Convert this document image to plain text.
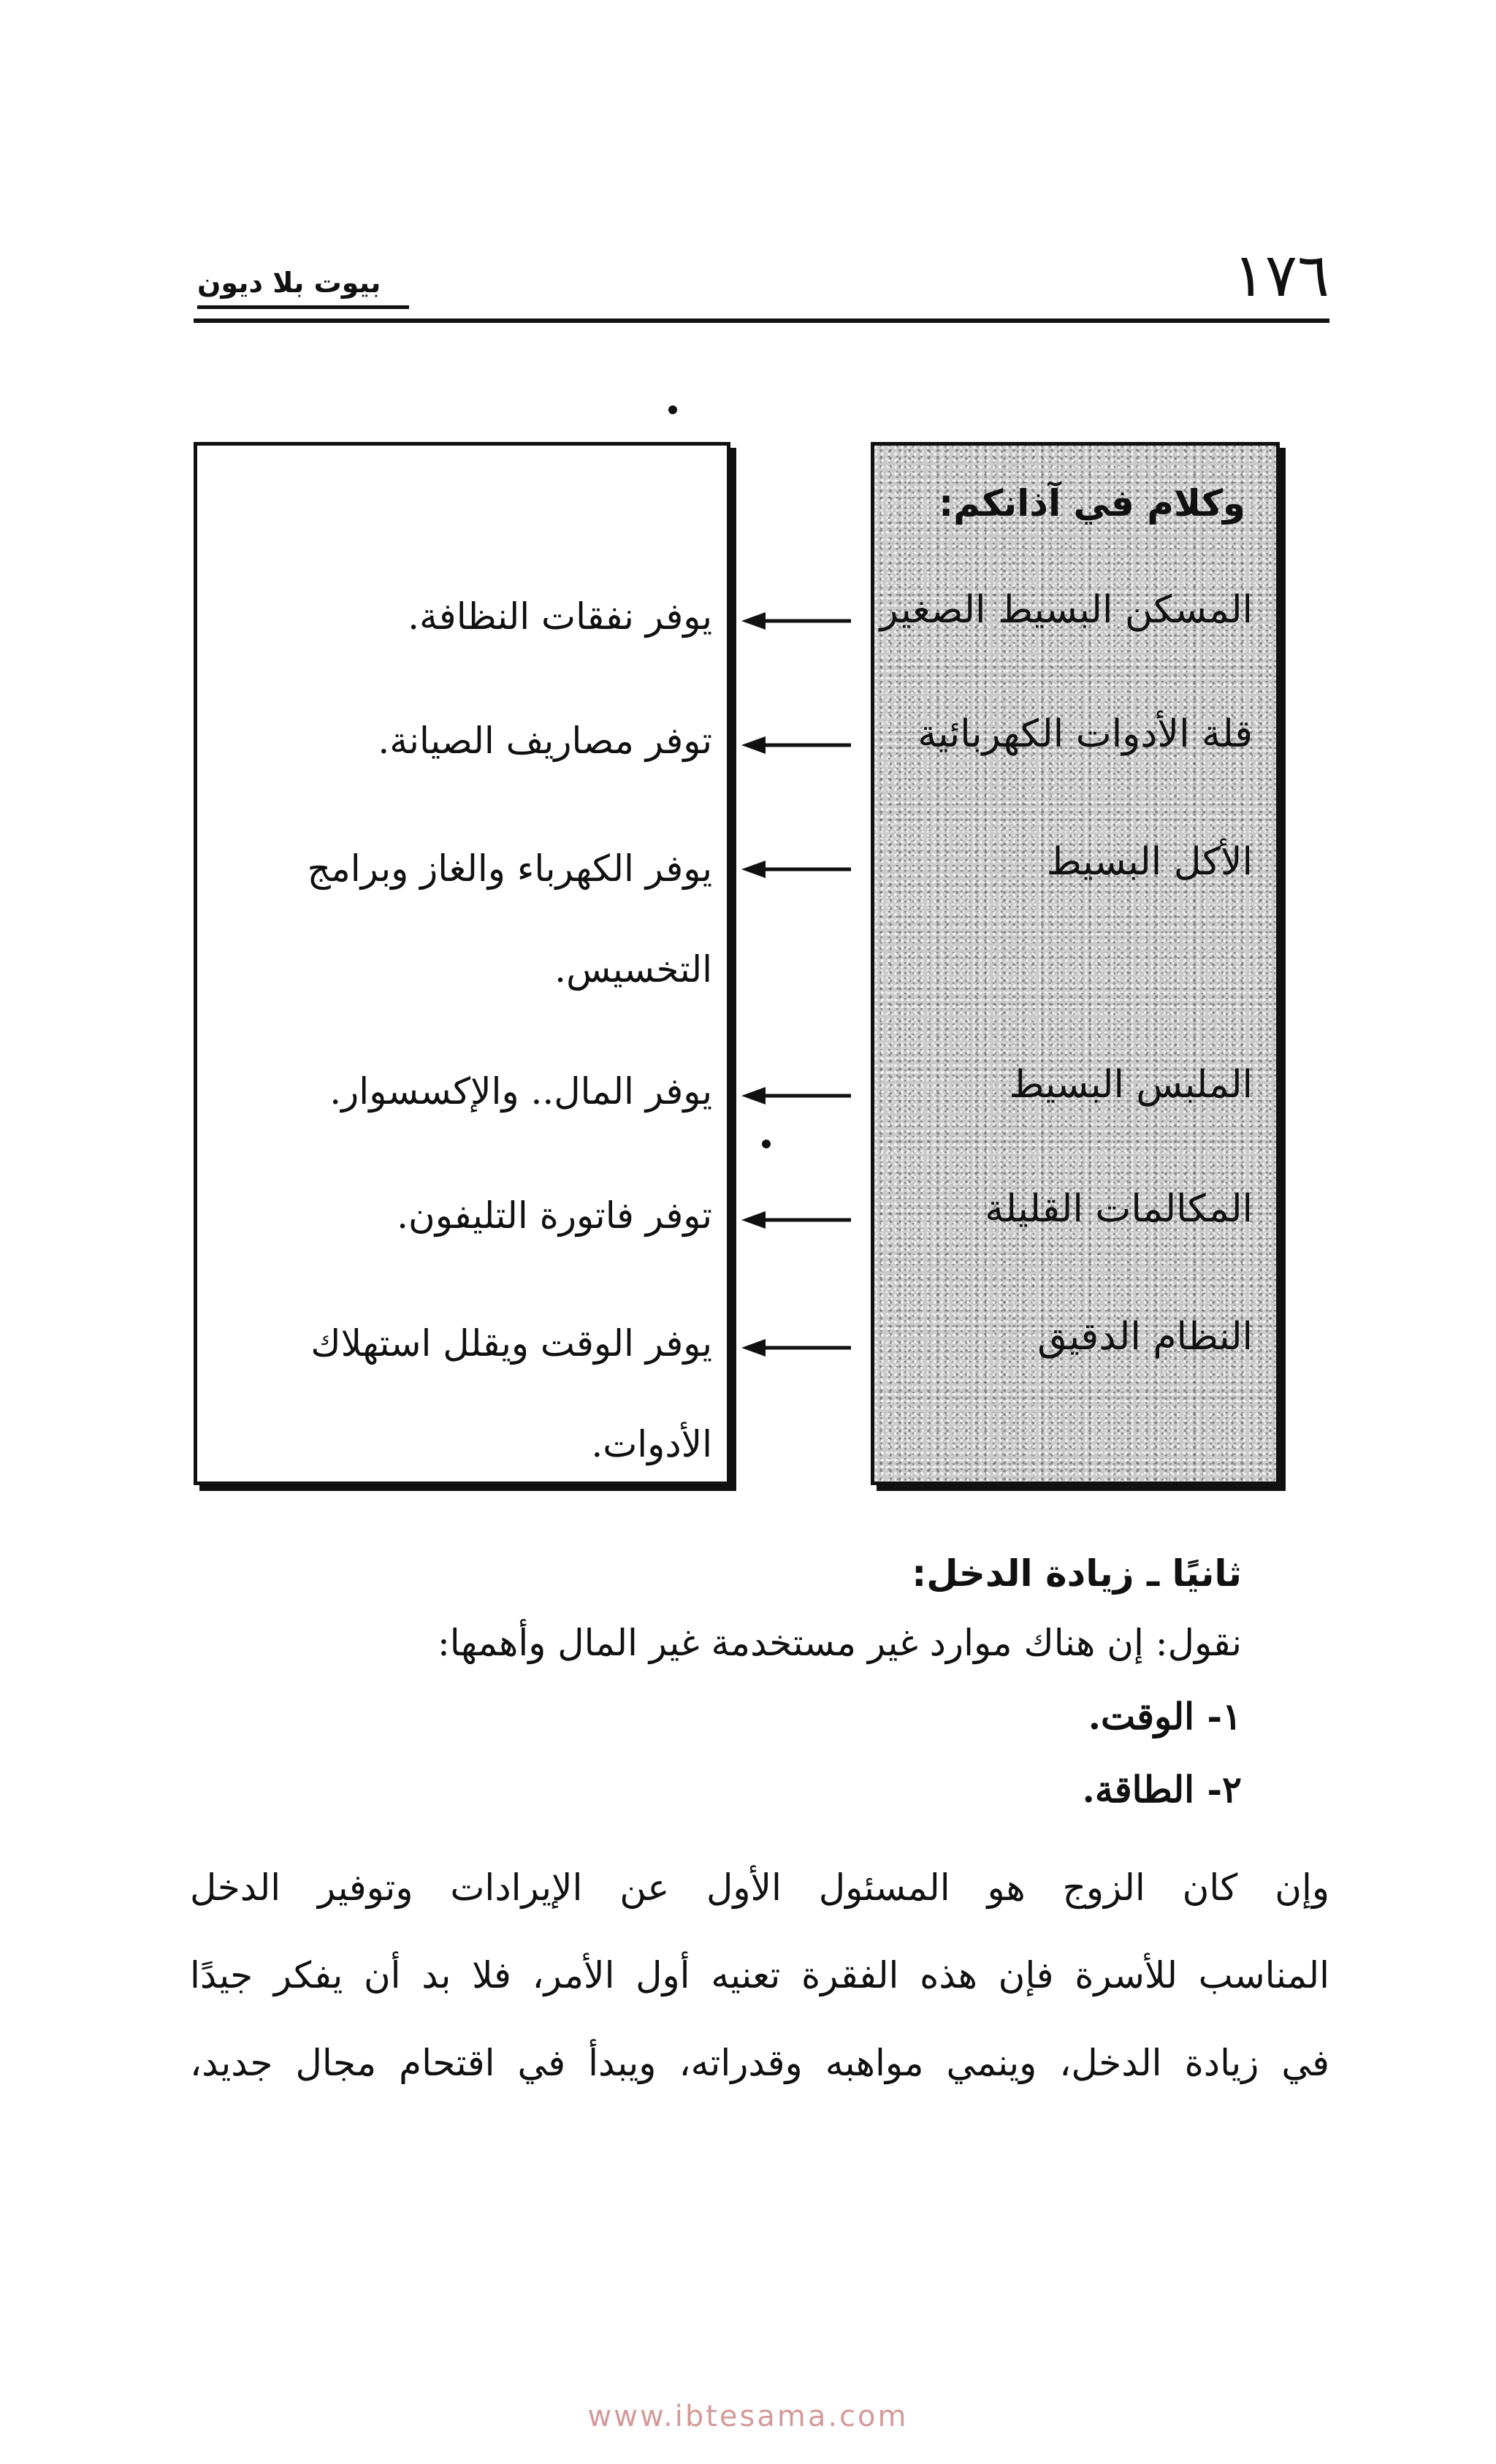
١٧٦
بيوت بلا ديون
وكلام في آذانكم:
المسكن البسيط الصغير
قلة الأدوات الكهربائية
الأكل البسيط
الملبس البسيط
المكالمات القليلة
النظام الدقيق
يوفر نفقات النظافة.
توفر مصاريف الصيانة.
يوفر الكهرباء والغاز وبرامج التخسيس.
يوفر المال.. والإكسسوار.
توفر فاتورة التليفون.
يوفر الوقت ويقلل استهلاك الأدوات.
ثانيًا ـ زيادة الدخل:
نقول: إن هناك موارد غير مستخدمة غير المال وأهمها:
١- الوقت.
٢- الطاقة.
وإن كان الزوج هو المسئول الأول عن الإيرادات وتوفير الدخل
المناسب للأسرة فإن هذه الفقرة تعنيه أول الأمر، فلا بد أن يفكر جيدًا
في زيادة الدخل، وينمي مواهبه وقدراته، ويبدأ في اقتحام مجال جديد،
www.ibtesama.com
